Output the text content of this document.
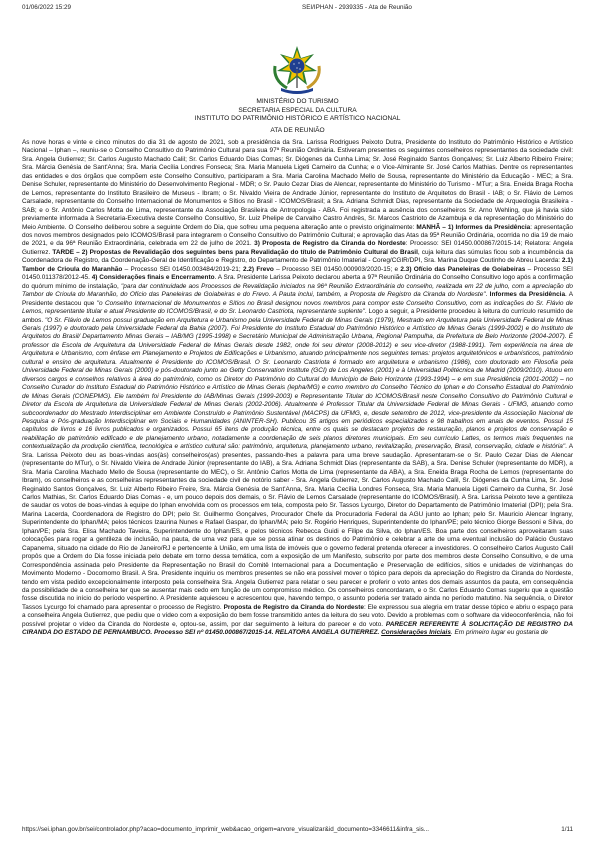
01/06/2022 15:29	SEI/IPHAN - 2939335 - Ata de Reunião
MINISTÉRIO DO TURISMO
SECRETARIA ESPECIAL DA CULTURA
INSTITUTO DO PATRIMÔNIO HISTÓRICO E ARTÍSTICO NACIONAL
ATA DE REUNIÃO

Às nove horas e vinte e cinco minutos do dia 31 de agosto de 2021, sob a presidência da Sra. Larissa Rodrigues Peixoto Dutra, Presidente do Instituto do Patrimônio Histórico e Artístico Nacional – Iphan –, reuniu-se o Conselho Consultivo do Patrimônio Cultural para sua 97ª Reunião Ordinária. Estiveram presentes os seguintes conselheiros representantes da sociedade civil: Sra. Angela Gutierrez; Sr. Carlos Augusto Machado Calil; Sr. Carlos Eduardo Dias Comas; Sr. Diógenes da Cunha Lima; Sr. José Reginaldo Santos Gonçalves; Sr. Luiz Alberto Ribeiro Freire; Sra. Márcia Genésia de Sant'Anna; Sra. Maria Cecília Londres Fonseca; Sra. Maria Manuela Ligeti Carneiro da Cunha; e o Vice-Almirante Sr. José Carlos Mathias. Dentre os representantes das entidades e dos órgãos que compõem este Conselho Consultivo, participaram a Sra. Maria Carolina Machado Mello de Sousa, representante do Ministério da Educação - MEC; a Sra. Denise Schuler, representante do Ministério do Desenvolvimento Regional - MDR; o Sr. Paulo Cezar Dias de Alencar, representante do Ministério do Turismo - MTur; a Sra. Eneida Braga Rocha de Lemos, representante do Instituto Brasileiro de Museus - Ibram; o Sr. Nivaldo Vieira de Andrade Júnior, representante do Instituto de Arquitetos do Brasil - IAB; o Sr. Flávio de Lemos Carsalade, representante do Conselho Internacional de Monumentos e Sítios no Brasil - ICOMOS/Brasil; a Sra. Adriana Schmidt Dias, representante da Sociedade de Arqueologia Brasileira - SAB; e o Sr. Antônio Carlos Motta de Lima, representante da Associação Brasileira de Antropologia - ABA. Foi registrada a ausência dos conselheiros Sr. Arno Wehling, que já havia sido previamente informada à Secretaria-Executiva deste Conselho Consultivo, Sr. Luiz Phelipe de Carvalho Castro Andrès, Sr. Marcos Castrioto de Azambuja e da representação do Ministério do Meio Ambiente. O Conselho deliberou sobre a seguinte Ordem do Dia, que sofreu uma pequena alteração ante o previsto originalmente: MANHÃ – 1) Informes da Presidência: apresentação dos novos membros designados pelo ICOMOS/Brasil para integrarem o Conselho Consultivo do Patrimônio Cultural; e aprovação das Atas da 95ª Reunião Ordinária, ocorrida no dia 19 de maio de 2021, e da 96ª Reunião Extraordinária, celebrada em 22 de julho de 2021. 3) Proposta de Registro da Ciranda do Nordeste: Processo: SEI 01450.000867/2015-14; Relatora: Angela Gutierrez. TARDE – 2) Propostas de Revalidação dos seguintes bens para Revalidação do título de Patrimônio Cultural do Brasil, cuja leitura das súmulas ficou sob a incumbência da Coordenadora de Registro, da Coordenação-Geral de Identificação e Registro, do Departamento de Patrimônio Imaterial - Coreg/CGIR/DPI, Sra. Marina Duque Coutinho de Abreu Lacerda: 2.1) Tambor de Crioula do Maranhão – Processo SEI 01450.003484/2019-21; 2.2) Frevo – Processo SEI 01450.000903/2020-15; e 2.3) Ofício das Paneleiras de Goiabeiras – Processo SEI 01450.011378/2012-45. 4) Considerações finais e Encerramento. A Sra. Presidente Larissa Peixoto declarou aberta a 97ª Reunião Ordinária do Conselho Consultivo logo após a confirmação do quórum mínimo de instalação, "para dar continuidade aos Processos de Revalidação iniciados na 96ª Reunião Extraordinária do conselho, realizada em 22 de julho, com a apreciação do Tambor de Crioula do Maranhão, do Ofício das Paneleiras de Goiabeiras e do Frevo. A Pauta inclui, também, a Proposta de Registro da Ciranda do Nordeste". Informes da Presidência. A Presidente destacou que "o Conselho Internacional de Monumentos e Sítios no Brasil designou novos membros para compor este Conselho Consultivo, com as indicações do Sr. Flávio de Lemos, representante titular e atual Presidente do ICOMOS/Brasil, e do Sr. Leonardo Castriota, representante suplente". Logo a seguir, a Presidente procedeu à leitura do currículo resumido de ambos. "O Sr. Flávio de Lemos possui graduação em Arquitetura e Urbanismo pela Universidade Federal de Minas Gerais (1979), Mestrado em Arquitetura pela Universidade Federal de Minas Gerais (1997) e doutorado pela Universidade Federal da Bahia (2007). Foi Presidente do Instituto Estadual do Patrimônio Histórico e Artístico de Minas Gerais (1999-2002) e do Instituto de Arquitetos do Brasil/ Departamento Minas Gerais – IAB/MG (1995-1998) e Secretário Municipal de Administração Urbana, Regional Pampulha, da Prefeitura de Belo Horizonte (2004-2007). É professor da Escola de Arquitetura da Universidade Federal de Minas Gerais desde 1982, onde foi seu diretor (2008-2012) e seu vice-diretor (1988-1991). Tem experiência na área de Arquitetura e Urbanismo, com ênfase em Planejamento e Projetos de Edificações e Urbanismo, atuando principalmente nos seguintes temas: projetos arquitetônicos e urbanísticos, patrimônio cultural e ensino de arquitetura. Atualmente é Presidente do ICOMOS/Brasil. O Sr. Leonardo Castriota é formado em arquitetura e urbanismo (1986), com doutorado em Filosofia pela Universidade Federal de Minas Gerais (2000) e pós-doutorado junto ao Getty Conservation Institute (GCI) de Los Angeles (2001) e à Universidad Politécnica de Madrid (2009/2010). Atuou em diversos cargos e conselhos relativos à área do patrimônio, como os Diretor do Patrimônio do Cultural do Município de Belo Horizonte (1993-1994) – e em sua Presidência (2001-2002) – no Conselho Curador do Instituto Estadual do Patrimônio Histórico e Artístico de Minas Gerais (Iepha/MG) e como membro do Conselho Técnico do Iphan e do Conselho Estadual do Patrimônio de Minas Gerais (CONEPMG). Ele também foi Presidente do IAB/Minas Gerais (1999-2003) e Representante Titular do ICOMOS/Brasil neste Conselho Consultivo do Patrimônio Cultural e Diretor da Escola de Arquitetura da Universidade Federal de Minas Gerais (2002-2006). Atualmente é Professor Titular da Universidade Federal de Minas Gerais - UFMG, atuando como subcoordenador do Mestrado Interdisciplinar em Ambiente Construído e Patrimônio Sustentável (MACPS) da UFMG, e, desde setembro de 2012, vice-presidente da Associação Nacional de Pesquisa e Pós-graduação Interdisciplinar em Sociais e Humanidades (ANINTER-SH). Publicou 35 artigos em periódicos especializados e 98 trabalhos em anais de eventos. Possui 15 capítulos de livros e 16 livros publicados e organizados. Possui 65 itens de produção técnica, entre os quais se destacam projetos de restauração, planos e projetos de conservação e reabilitação de patrimônio edificado e de planejamento urbano, notadamente a coordenação de seis planos diretores municipais. Em seu currículo Lattes, os termos mais frequentes na contextualização da produção científica, tecnológica e artístico cultural são: patrimônio, arquitetura, planejamento urbano, revitalização, preservação, Brasil, conservação, cidade e história". A Sra. Larissa Peixoto deu as boas-vindas aos(às) conselheiros(as) presentes, passando-lhes a palavra para uma breve saudação. Apresentaram-se o Sr. Paulo Cezar Dias de Alencar (representante do MTur), o Sr. Nivaldo Vieira de Andrade Júnior (representante do IAB), a Sra. Adriana Schmidt Dias (representante da SAB), a Sra. Denise Schuler (representante do MDR), a Sra. Maria Carolina Machado Mello de Sousa (representante do MEC), o Sr. Antônio Carlos Motta de Lima (representante da ABA), a Sra. Eneida Braga Rocha de Lemos (representante do Ibram), os conselheiros e as conselheiras representantes da sociedade civil de notório saber - Sra. Angela Gutierrez, Sr. Carlos Augusto Machado Calil, Sr. Diógenes da Cunha Lima, Sr. José Reginaldo Santos Gonçalves, Sr. Luiz Alberto Ribeiro Freire, Sra. Márcia Genésia de Sant'Anna, Sra. Maria Cecília Londres Fonseca, Sra. Maria Manuela Ligeti Carneiro da Cunha, Sr. José Carlos Mathias, Sr. Carlos Eduardo Dias Comas - e, um pouco depois dos demais, o Sr. Flávio de Lemos Carsalade (representante do ICOMOS/Brasil). A Sra. Larissa Peixoto teve a gentileza de saudar os votos de boas-vindas à equipe do Iphan envolvida com os processos em tela, composta pelo Sr. Tassos Lycurgo, Diretor do Departamento de Patrimônio Imaterial (DPI); pela Sra. Marina Lacerda, Coordenadora de Registro do DPI; pelo Sr. Guilhermo Gonçalves, Procurador Chefe da Procuradoria Federal da AGU junto ao Iphan; pelo Sr. Mauricio Alencar Ingrany, Superintendente do Iphan/MA; pelos técnicos Izaurina Nunes e Rafael Gaspar, do Iphan/MA; pelo Sr. Rogério Henriques, Superintendente do Iphan/PE; pelo técnico Giorge Bessoni e Silva, do Iphan/PE; pela Sra. Elisa Machado Taveira, Superintendente do Iphan/ES, e pelos técnicos Rebecca Guidi e Filipe da Silva, do Iphan/ES. Boa parte dos conselheiros aproveitaram suas colocações para rogar a gentileza de inclusão, na pauta, de uma vez para que se possa atinar os destinos do Patrimônio e celebrar a arte de uma eventual inclusão do Palácio Gustavo Capanema, situado na cidade do Rio de Janeiro/RJ e pertencente à União, em uma lista de imóveis que o governo federal pretenda oferecer a investidores. O conselheiro Carlos Augusto Calil propôs que a Ordem do Dia fosse iniciada pelo debate em torno dessa temática, com a exposição de um Manifesto, subscrito por parte dos membros deste Conselho Consultivo, e de uma Correspondência assinada pelo Presidente da Representação no Brasil do Comitê Internacional para a Documentação e Preservação de edifícios, sítios e unidades de vizinhanças do Movimento Moderno - Docomomo Brasil. A Sra. Presidente inquiriu os membros presentes se não era possível mover o tópico para depois da apreciação do Registro da Ciranda do Nordeste, tendo em vista pedido excepcionalmente interposto pela conselheira Sra. Angela Gutierrez para relatar o seu parecer e proferir o voto antes dos demais assuntos da pauta, em consequência da possibilidade de a conselheira ter que se ausentar mais cedo em função de um compromisso médico. Os conselheiros concordaram, e o Sr. Carlos Eduardo Comas sugeriu que a questão fosse discutida no início do período vespertino. A Presidente aquiesceu e acrescentou que, havendo tempo, o assunto poderia ser tratado ainda no período matutino. Na sequência, o Diretor Tassos Lycurgo foi chamado para apresentar o processo de Registro. Proposta de Registro da Ciranda do Nordeste: Ele expressou sua alegria em tratar desse tópico e abriu o espaço para a conselheira Angela Gutierrez, que pediu que o vídeo com a exposição do bem fosse transmitido antes da leitura do seu voto. Devido a problemas com o software da videoconferência, não foi possível projetar o vídeo da Ciranda do Nordeste e, optou-se, assim, por dar seguimento à leitura do parecer e do voto. PARECER REFERENTE À SOLICITAÇÃO DE REGISTRO DA CIRANDA DO ESTADO DE PERNAMBUCO. Processo SEI nº 01450.000867/2015-14. RELATORA ANGELA GUTIERREZ. Considerações Iniciais. Em primeiro lugar eu gostaria de

https://sei.iphan.gov.br/sei/controlador.php?acao=documento_imprimir_web&acao_origem=arvore_visualizar&id_documento=3346611&infra_sis...	1/11
